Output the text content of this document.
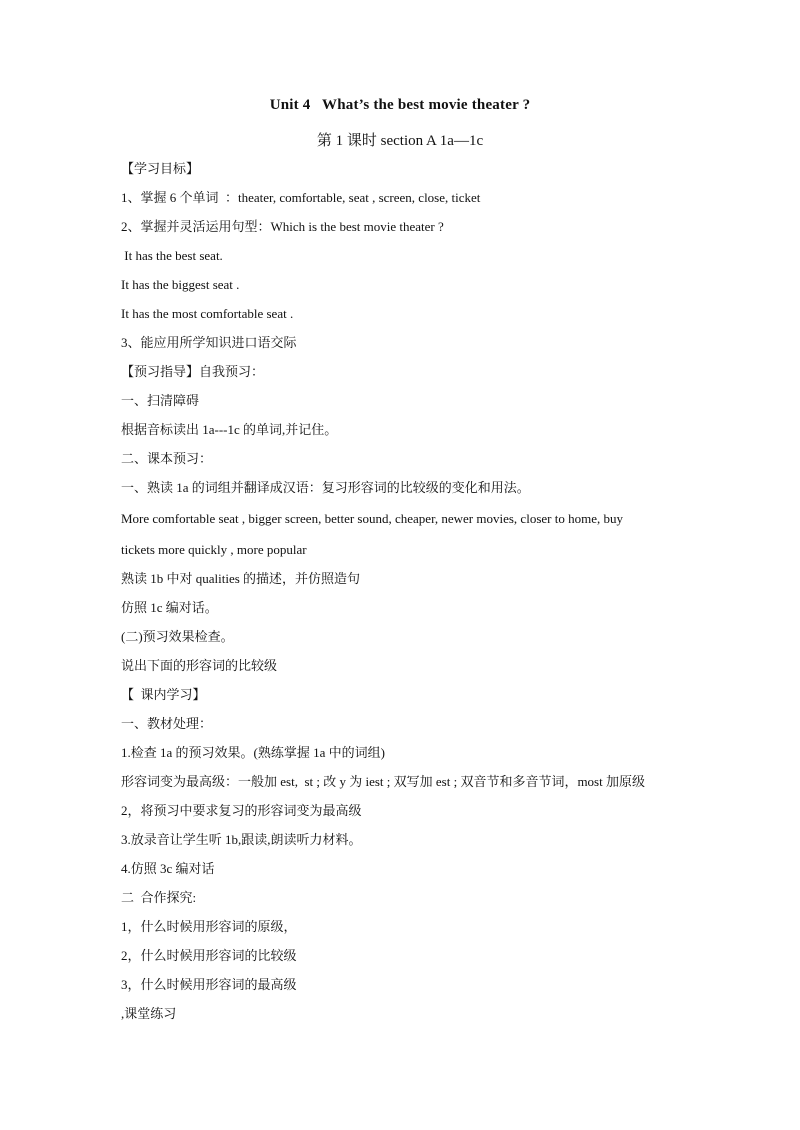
Unit 4   What’s the best movie theater ?
第 1 课时 section A 1a—1c
【学习目标】
1、掌握 6 个单词  ：theater, comfortable, seat , screen, close, ticket
2、掌握并灵活运用句型：Which is the best movie theater ?
It has the best seat.
It has the biggest seat .
It has the most comfortable seat .
3、能应用所学知识进口语交际
【预习指导】自我预习：
一、扫清障碍
根据音标读出 1a---1c 的单词,并记住。
二、课本预习：
一、熟读 1a 的词组并翻译成汉语：复习形容词的比较级的变化和用法。
More comfortable seat , bigger screen, better sound, cheaper, newer movies, closer to home, buy
tickets more quickly , more popular
熟读 1b 中对 qualities 的描述，并仿照造句
仿照 1c 编对话。
(二)预习效果检查。
说出下面的形容词的比较级
【  课内学习】
一、教材处理：
1.检查 1a 的预习效果。(熟练掌握 1a 中的词组)
形容词变为最高级：一般加 est,  st ; 改 y 为 iest ; 双写加 est ; 双音节和多音节词，most 加原级
2，将预习中要求复习的形容词变为最高级
3.放录音让学生听 1b,跟读,朗读听力材料。
4.仿照 3c 编对话
二  合作探究:
1，什么时候用形容词的原级，
2，什么时候用形容词的比较级
3，什么时候用形容词的最高级
,课堂练习
